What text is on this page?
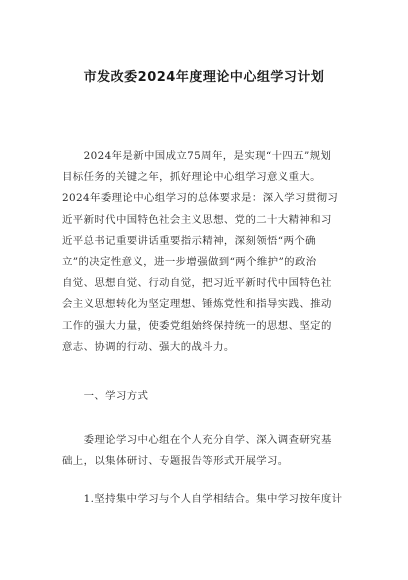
市发改委2024年度理论中心组学习计划
　　2024年是新中国成立75周年，是实现“十四五”规划
目标任务的关键之年，抓好理论中心组学习意义重大。
2024年委理论中心组学习的总体要求是：深入学习贯彻习
近平新时代中国特色社会主义思想、党的二十大精神和习
近平总书记重要讲话重要指示精神，深刻领悟“两个确
立”的决定性意义，进一步增强做到“两个维护”的政治
自觉、思想自觉、行动自觉，把习近平新时代中国特色社
会主义思想转化为坚定理想、锤炼党性和指导实践、推动
工作的强大力量，使委党组始终保持统一的思想、坚定的
意志、协调的行动、强大的战斗力。
　　一、学习方式
　　委理论学习中心组在个人充分自学、深入调查研究基
础上，以集体研讨、专题报告等形式开展学习。
　　1.坚持集中学习与个人自学相结合。集中学习按年度计
